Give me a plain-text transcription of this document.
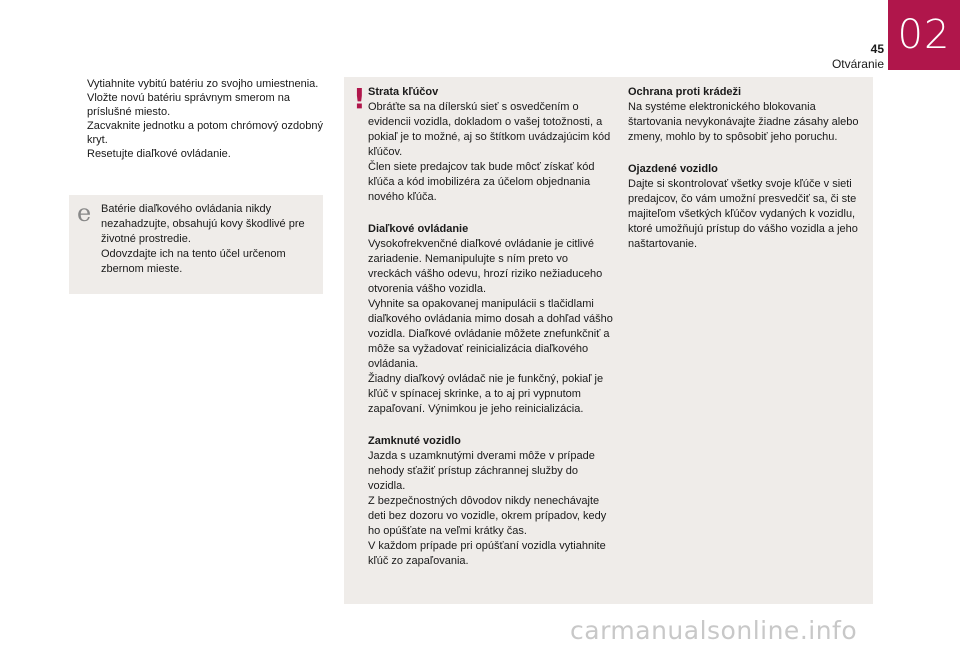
02
45
Otváranie
Vytiahnite vybitú batériu zo svojho umiestnenia.
Vložte novú batériu správnym smerom na príslušné miesto.
Zacvaknite jednotku a potom chrómový ozdobný kryt.
Resetujte diaľkové ovládanie.
e Batérie diaľkového ovládania nikdy nezahadzujte, obsahujú kovy škodlivé pre životné prostredie.
Odovzdajte ich na tento účel určenom zbernom mieste.
! Strata kľúčov

Obráťte sa na dílerskú sieť s osvedčením o evidencii vozidla, dokladom o vašej totožnosti, a pokiaľ je to možné, aj so štítkom uvádzajúcim kód kľúčov.
Člen siete predajcov tak bude môcť získať kód kľúča a kód imobilizéra za účelom objednania nového kľúča.

Diaľkové ovládanie

Vysokofrekvenčné diaľkové ovládanie je citlivé zariadenie. Nemanipulujte s ním preto vo vreckách vášho odevu, hrozí riziko nežiaduceho otvorenia vášho vozidla.
Vyhnite sa opakovanej manipulácii s tlačidlami diaľkového ovládania mimo dosah a dohľad vášho vozidla. Diaľkové ovládanie môžete znefunkčniť a môže sa vyžadovať reinicializácia diaľkového ovládania.
Žiadny diaľkový ovládač nie je funkčný, pokiaľ je kľúč v spínacej skrinke, a to aj pri vypnutom zapaľovaní. Výnimkou je jeho reinicializácia.

Zamknuté vozidlo

Jazda s uzamknutými dverami môže v prípade nehody sťažiť prístup záchrannej služby do vozidla.
Z bezpečnostných dôvodov nikdy nenechávajte deti bez dozoru vo vozidle, okrem prípadov, kedy ho opúšťate na veľmi krátky čas.
V každom prípade pri opúšťaní vozidla vytiahnite kľúč zo zapaľovania.

Ochrana proti krádeži

Na systéme elektronického blokovania štartovania nevykonávajte žiadne zásahy alebo zmeny, mohlo by to spôsobiť jeho poruchu.

Ojazdené vozidlo

Dajte si skontrolovať všetky svoje kľúče v sieti predajcov, čo vám umožní presvedčiť sa, či ste majiteľom všetkých kľúčov vydaných k vozidlu, ktoré umožňujú prístup do vášho vozidla a jeho naštartovanie.

carmanualsonline.info
